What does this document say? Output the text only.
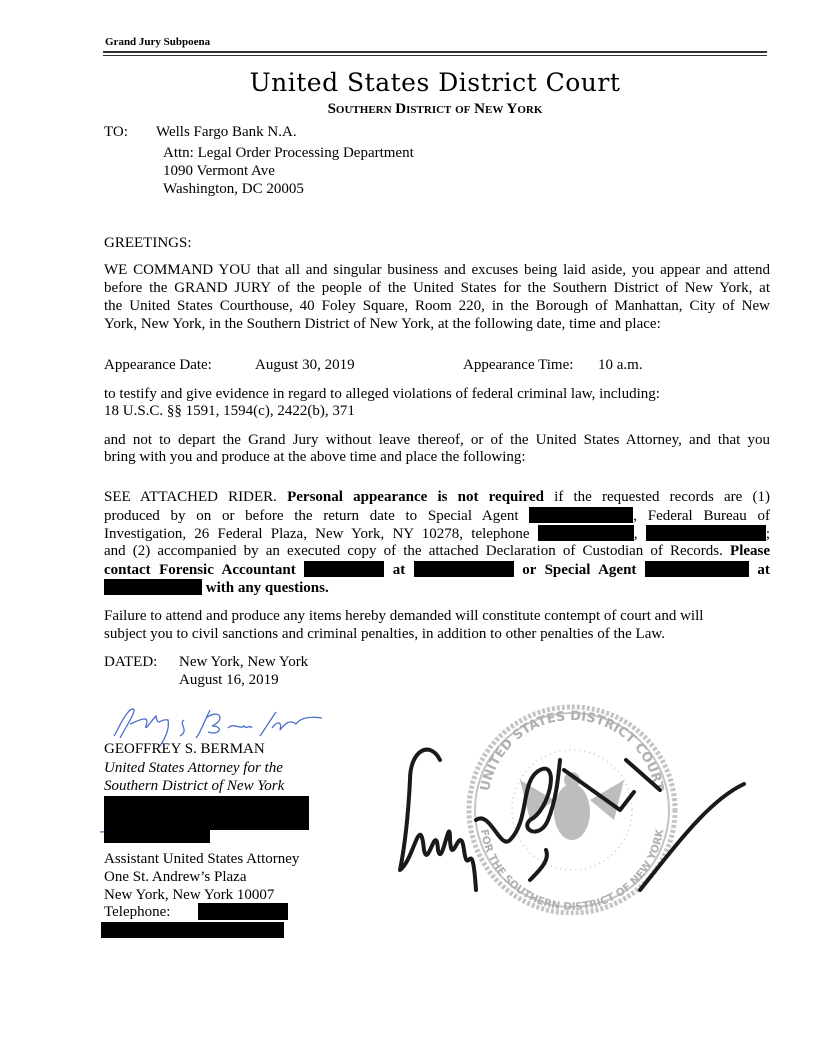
Grand Jury Subpoena
United States District Court
Southern District of New York
TO: Wells Fargo Bank N.A.
Attn: Legal Order Processing Department
1090 Vermont Ave
Washington, DC 20005
GREETINGS:
WE COMMAND YOU that all and singular business and excuses being laid aside, you appear and attend
before the GRAND JURY of the people of the United States for the Southern District of New York, at
the United States Courthouse, 40 Foley Square, Room 220, in the Borough of Manhattan, City of New
York, New York, in the Southern District of New York, at the following date, time and place:
Appearance Date:	August 30, 2019	Appearance Time: 10 a.m.
to testify and give evidence in regard to alleged violations of federal criminal law, including:
18 U.S.C. §§ 1591, 1594(c), 2422(b), 371
and not to depart the Grand Jury without leave thereof, or of the United States Attorney, and that you
bring with you and produce at the above time and place the following:
SEE ATTACHED RIDER. Personal appearance is not required if the requested records are (1)
produced by on or before the return date to Special Agent	, Federal Bureau of
Investigation, 26 Federal Plaza, New York, NY 10278, telephone	,	;
and (2) accompanied by an executed copy of the attached Declaration of Custodian of Records. Please
contact Forensic Accountant	at	or Special Agent	at
with any questions.
Failure to attend and produce any items hereby demanded will constitute contempt of court and will
subject you to civil sanctions and criminal penalties, in addition to other penalties of the Law.
DATED: New York, New York
August 16, 2019
GEOFFREY S. BERMAN
United States Attorney for the
Southern District of New York
Assistant United States Attorney
One St. Andrew’s Plaza
New York, New York 10007
Telephone:
UNITED STATES DISTRICT COURT
FOR THE SOUTHERN DISTRICT OF NEW YORK
